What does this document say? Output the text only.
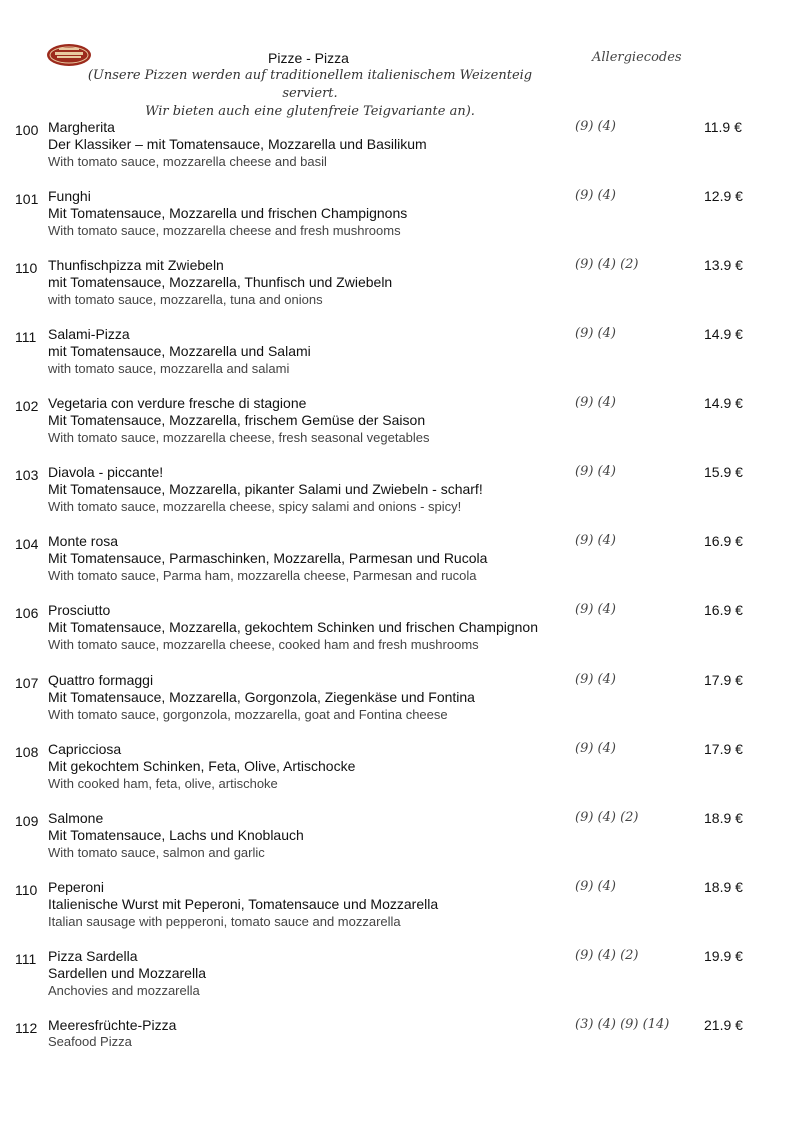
Pizze - Pizza
(Unsere Pizzen werden auf traditionellem italienischem Weizenteig serviert.
Wir bieten auch eine glutenfreie Teigvariante an).
Allergiecodes
100 Margherita
Der Klassiker – mit Tomatensauce, Mozzarella und Basilikum
With tomato sauce, mozzarella cheese and basil
(9) (4)	11.9 €
101 Funghi
Mit Tomatensauce, Mozzarella und frischen Champignons
With tomato sauce, mozzarella cheese and fresh mushrooms
(9) (4)	12.9 €
110 Thunfischpizza mit Zwiebeln
mit Tomatensauce, Mozzarella, Thunfisch und Zwiebeln
with tomato sauce, mozzarella, tuna and onions
(9) (4) (2)	13.9 €
111 Salami-Pizza
mit Tomatensauce, Mozzarella und Salami
with tomato sauce, mozzarella and salami
(9) (4)	14.9 €
102 Vegetaria con verdure fresche di stagione
Mit Tomatensauce, Mozzarella, frischem Gemüse der Saison
With tomato sauce, mozzarella cheese, fresh seasonal vegetables
(9) (4)	14.9 €
103 Diavola - piccante!
Mit Tomatensauce, Mozzarella, pikanter Salami und Zwiebeln - scharf!
With tomato sauce, mozzarella cheese, spicy salami and onions - spicy!
(9) (4)	15.9 €
104 Monte rosa
Mit Tomatensauce, Parmaschinken, Mozzarella, Parmesan und Rucola
With tomato sauce, Parma ham, mozzarella cheese, Parmesan and rucola
(9) (4)	16.9 €
106 Prosciutto
Mit Tomatensauce, Mozzarella, gekochtem Schinken und frischen Champignon
With tomato sauce, mozzarella cheese, cooked ham and fresh mushrooms
(9) (4)	16.9 €
107 Quattro formaggi
Mit Tomatensauce, Mozzarella, Gorgonzola, Ziegenkäse und Fontina
With tomato sauce, gorgonzola, mozzarella, goat and Fontina cheese
(9) (4)	17.9 €
108 Capricciosa
Mit gekochtem Schinken, Feta, Olive, Artischocke
With cooked ham, feta, olive, artischoke
(9) (4)	17.9 €
109 Salmone
Mit Tomatensauce, Lachs und Knoblauch
With tomato sauce, salmon and garlic
(9) (4) (2)	18.9 €
110 Peperoni
Italienische Wurst mit Peperoni, Tomatensauce und Mozzarella
Italian sausage with pepperoni, tomato sauce and mozzarella
(9) (4)	18.9 €
111 Pizza Sardella
Sardellen und Mozzarella
Anchovies and mozzarella
(9) (4) (2)	19.9 €
112 Meeresfrüchte-Pizza
Seafood Pizza
(3) (4) (9) (14) 21.9 €
